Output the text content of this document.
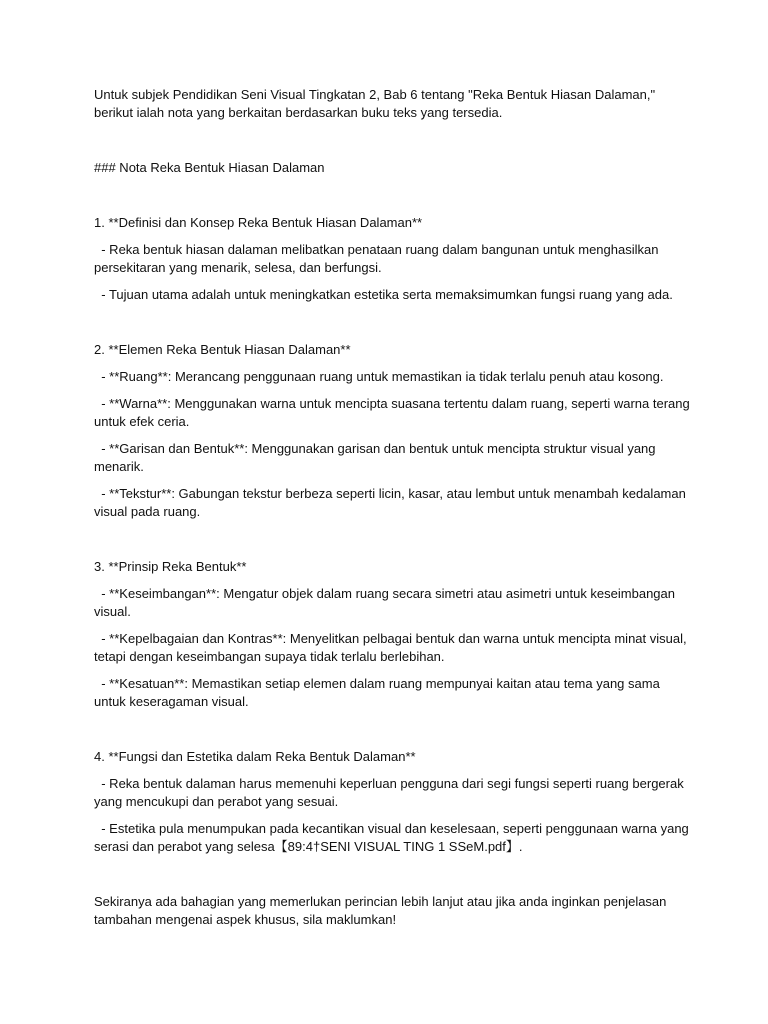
Untuk subjek Pendidikan Seni Visual Tingkatan 2, Bab 6 tentang "Reka Bentuk Hiasan Dalaman," berikut ialah nota yang berkaitan berdasarkan buku teks yang tersedia.

### Nota Reka Bentuk Hiasan Dalaman

1. **Definisi dan Konsep Reka Bentuk Hiasan Dalaman**

- Reka bentuk hiasan dalaman melibatkan penataan ruang dalam bangunan untuk menghasilkan persekitaran yang menarik, selesa, dan berfungsi.

- Tujuan utama adalah untuk meningkatkan estetika serta memaksimumkan fungsi ruang yang ada.

2. **Elemen Reka Bentuk Hiasan Dalaman**

- **Ruang**: Merancang penggunaan ruang untuk memastikan ia tidak terlalu penuh atau kosong.

- **Warna**: Menggunakan warna untuk mencipta suasana tertentu dalam ruang, seperti warna terang untuk efek ceria.

- **Garisan dan Bentuk**: Menggunakan garisan dan bentuk untuk mencipta struktur visual yang menarik.

- **Tekstur**: Gabungan tekstur berbeza seperti licin, kasar, atau lembut untuk menambah kedalaman visual pada ruang.

3. **Prinsip Reka Bentuk**

- **Keseimbangan**: Mengatur objek dalam ruang secara simetri atau asimetri untuk keseimbangan visual.

- **Kepelbagaian dan Kontras**: Menyelitkan pelbagai bentuk dan warna untuk mencipta minat visual, tetapi dengan keseimbangan supaya tidak terlalu berlebihan.

- **Kesatuan**: Memastikan setiap elemen dalam ruang mempunyai kaitan atau tema yang sama untuk keseragaman visual.

4. **Fungsi dan Estetika dalam Reka Bentuk Dalaman**

- Reka bentuk dalaman harus memenuhi keperluan pengguna dari segi fungsi seperti ruang bergerak yang mencukupi dan perabot yang sesuai.

- Estetika pula menumpukan pada kecantikan visual dan keselesaan, seperti penggunaan warna yang serasi dan perabot yang selesa【89:4†SENI VISUAL TING 1 SSeM.pdf】.

Sekiranya ada bahagian yang memerlukan perincian lebih lanjut atau jika anda inginkan penjelasan tambahan mengenai aspek khusus, sila maklumkan!
